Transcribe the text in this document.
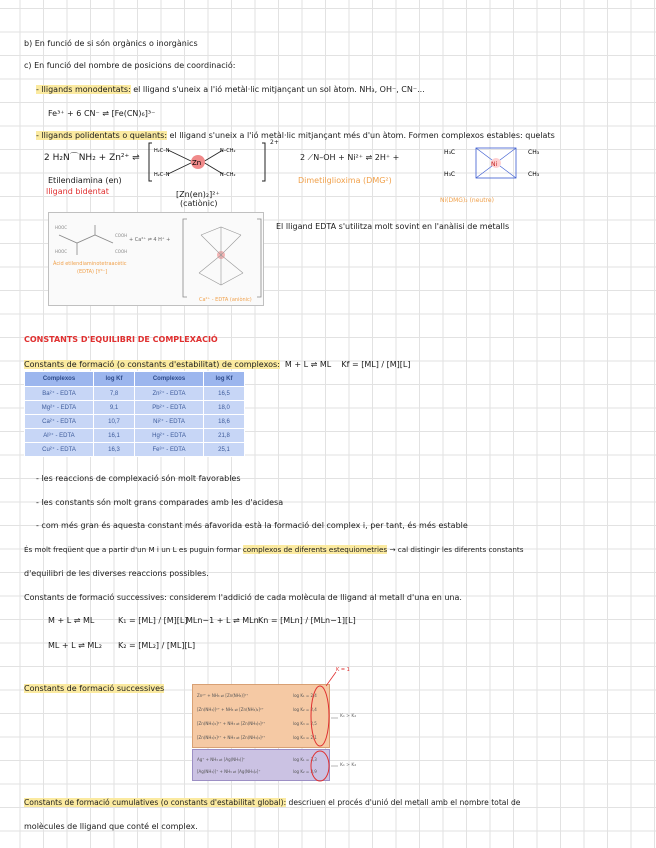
b) En funció de si són orgànics o inorgànics
c) En funció del nombre de posicions de coordinació:
- lligands monodentats: el lligand s'uneix a l'ió metàl·lic mitjançant un sol àtom. NH₃, OH⁻, CN⁻...
Fe³⁺ + 6 CN⁻ ⇌ [Fe(CN)₆]³⁻
- lligands polidentats o quelants: el lligand s'uneix a l'ió metàl·lic mitjançant més d'un àtom. Formen complexos estables: quelats
2 H₂N⌒NH₂ + Zn²⁺ ⇌
Etilendiamina (en)
lligand bidentat
Zn
H₂C–N
H₂C–N
N–CH₂
N–CH₂
2+
[Zn(en)₂]²⁺
(catiònic)
2 ⟋N–OH + Ni²⁺ ⇌ 2H⁺ +
Dimetilglioxima (DMG²)
Ni
H₃C
H₃C
CH₃
CH₃
Ni(DMG)₂ (neutre)
HOOC
HOOC
COOH
COOH
Àcid etilendiaminotetraacètic
(EDTA) [Y⁴⁻]
+ Ca²⁺ ⇌ 4 H⁺ +
Ca²⁺ - EDTA (aniònic)
El lligand EDTA s'utilitza molt sovint en l'anàlisi de metalls
CONSTANTS D'EQUILIBRI DE COMPLEXACIÓ
Constants de formació (o constants d'estabilitat) de complexos: M + L ⇌ ML Kf = [ML] / [M][L]
Complexos	log Kf	Complexos	log Kf
Ba²⁺ - EDTA	7,8	Zn²⁺ - EDTA	16,5
Mg²⁺ - EDTA	9,1	Pb²⁺ - EDTA	18,0
Ca²⁺ - EDTA	10,7	Ni²⁺ - EDTA	18,6
Al³⁺ - EDTA	16,1	Hg²⁺ - EDTA	21,8
Cu²⁺ - EDTA	16,3	Fe³⁺ - EDTA	25,1
- les reaccions de complexació són molt favorables
- les constants són molt grans comparades amb les d'acidesa
- com més gran és aquesta constant més afavorida està la formació del complex i, per tant, és més estable
És molt freqüent que a partir d'un M i un L es puguin formar complexos de diferents estequiometries → cal distingir les diferents constants
d'equilibri de les diverses reaccions possibles.
Constants de formació successives: considerem l'addició de cada molècula de lligand al metall d'una en una.
M + L ⇌ ML	K₁ = [ML] / [M][L]
MLn−1 + L ⇌ MLn Kn = [MLn] / [MLn−1][L]
ML + L ⇌ ML₂ K₂ = [ML₂] / [ML][L]
Constants de formació successives
Zn²⁺ + NH₃ ⇌ [Zn(NH₃)]²⁺	log K₁ = 2,4
[Zn(NH₃)]²⁺ + NH₃ ⇌ [Zn(NH₃)₂]²⁺	log K₂ = 2,4
[Zn(NH₃)₂]²⁺ + NH₃ ⇌ [Zn(NH₃)₃]²⁺	log K₃ = 2,5
[Zn(NH₃)₃]²⁺ + NH₃ ⇌ [Zn(NH₃)₄]²⁺	log K₄ = 2,1
Ag⁺ + NH₃ ⇌ [Ag(NH₃)]⁺	log K₁ = 3,3
[Ag(NH₃)]⁺ + NH₃ ⇌ [Ag(NH₃)₂]⁺	log K₂ = 3,9
K = 1
K₁ > K₂
K₁ > K₂
Constants de formació cumulatives (o constants d'estabilitat global): descriuen el procés d'unió del metall amb el nombre total de
molècules de lligand que conté el complex.
